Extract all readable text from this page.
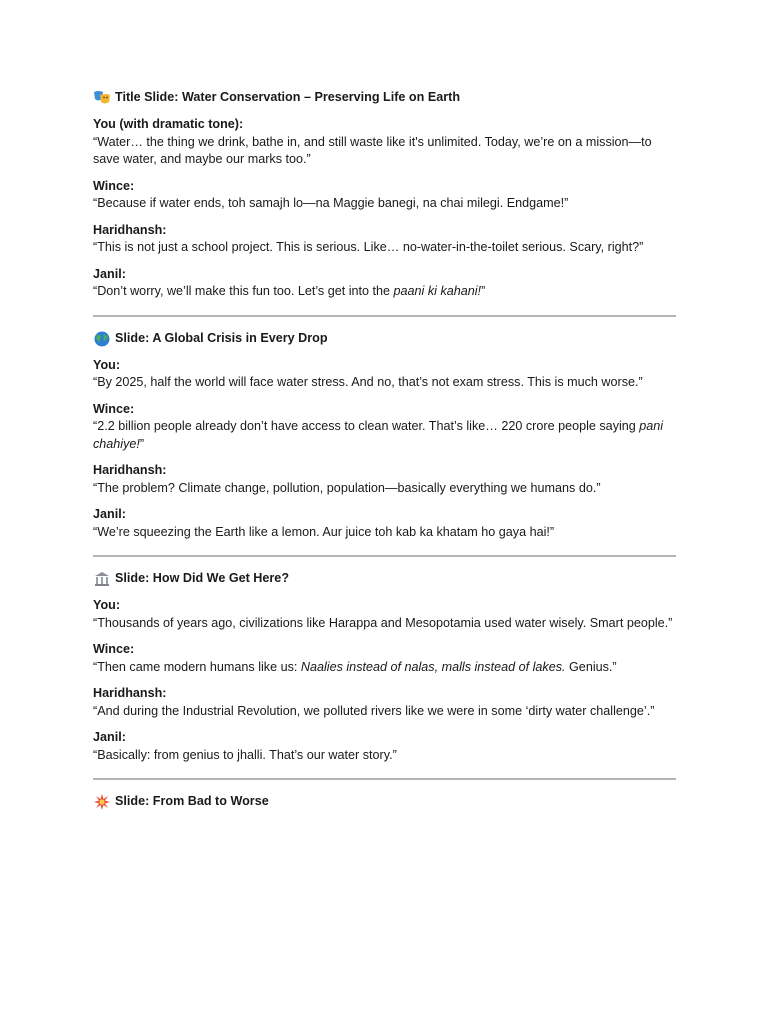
Title Slide: Water Conservation – Preserving Life on Earth
You (with dramatic tone):
“Water… the thing we drink, bathe in, and still waste like it's unlimited. Today, we’re on a mission—to save water, and maybe our marks too.”
Wince:
“Because if water ends, toh samajh lo—na Maggie banegi, na chai milegi. Endgame!”
Haridhansh:
“This is not just a school project. This is serious. Like… no-water-in-the-toilet serious. Scary, right?”
Janil:
“Don’t worry, we’ll make this fun too. Let’s get into the paani ki kahani!”
Slide: A Global Crisis in Every Drop
You:
“By 2025, half the world will face water stress. And no, that’s not exam stress. This is much worse.”
Wince:
“2.2 billion people already don’t have access to clean water. That’s like… 220 crore people saying pani chahiye!”
Haridhansh:
“The problem? Climate change, pollution, population—basically everything we humans do.”
Janil:
“We’re squeezing the Earth like a lemon. Aur juice toh kab ka khatam ho gaya hai!”
Slide: How Did We Get Here?
You:
“Thousands of years ago, civilizations like Harappa and Mesopotamia used water wisely. Smart people.”
Wince:
“Then came modern humans like us: Naalies instead of nalas, malls instead of lakes. Genius.”
Haridhansh:
“And during the Industrial Revolution, we polluted rivers like we were in some ‘dirty water challenge’.”
Janil:
“Basically: from genius to jhalli. That’s our water story.”
Slide: From Bad to Worse
